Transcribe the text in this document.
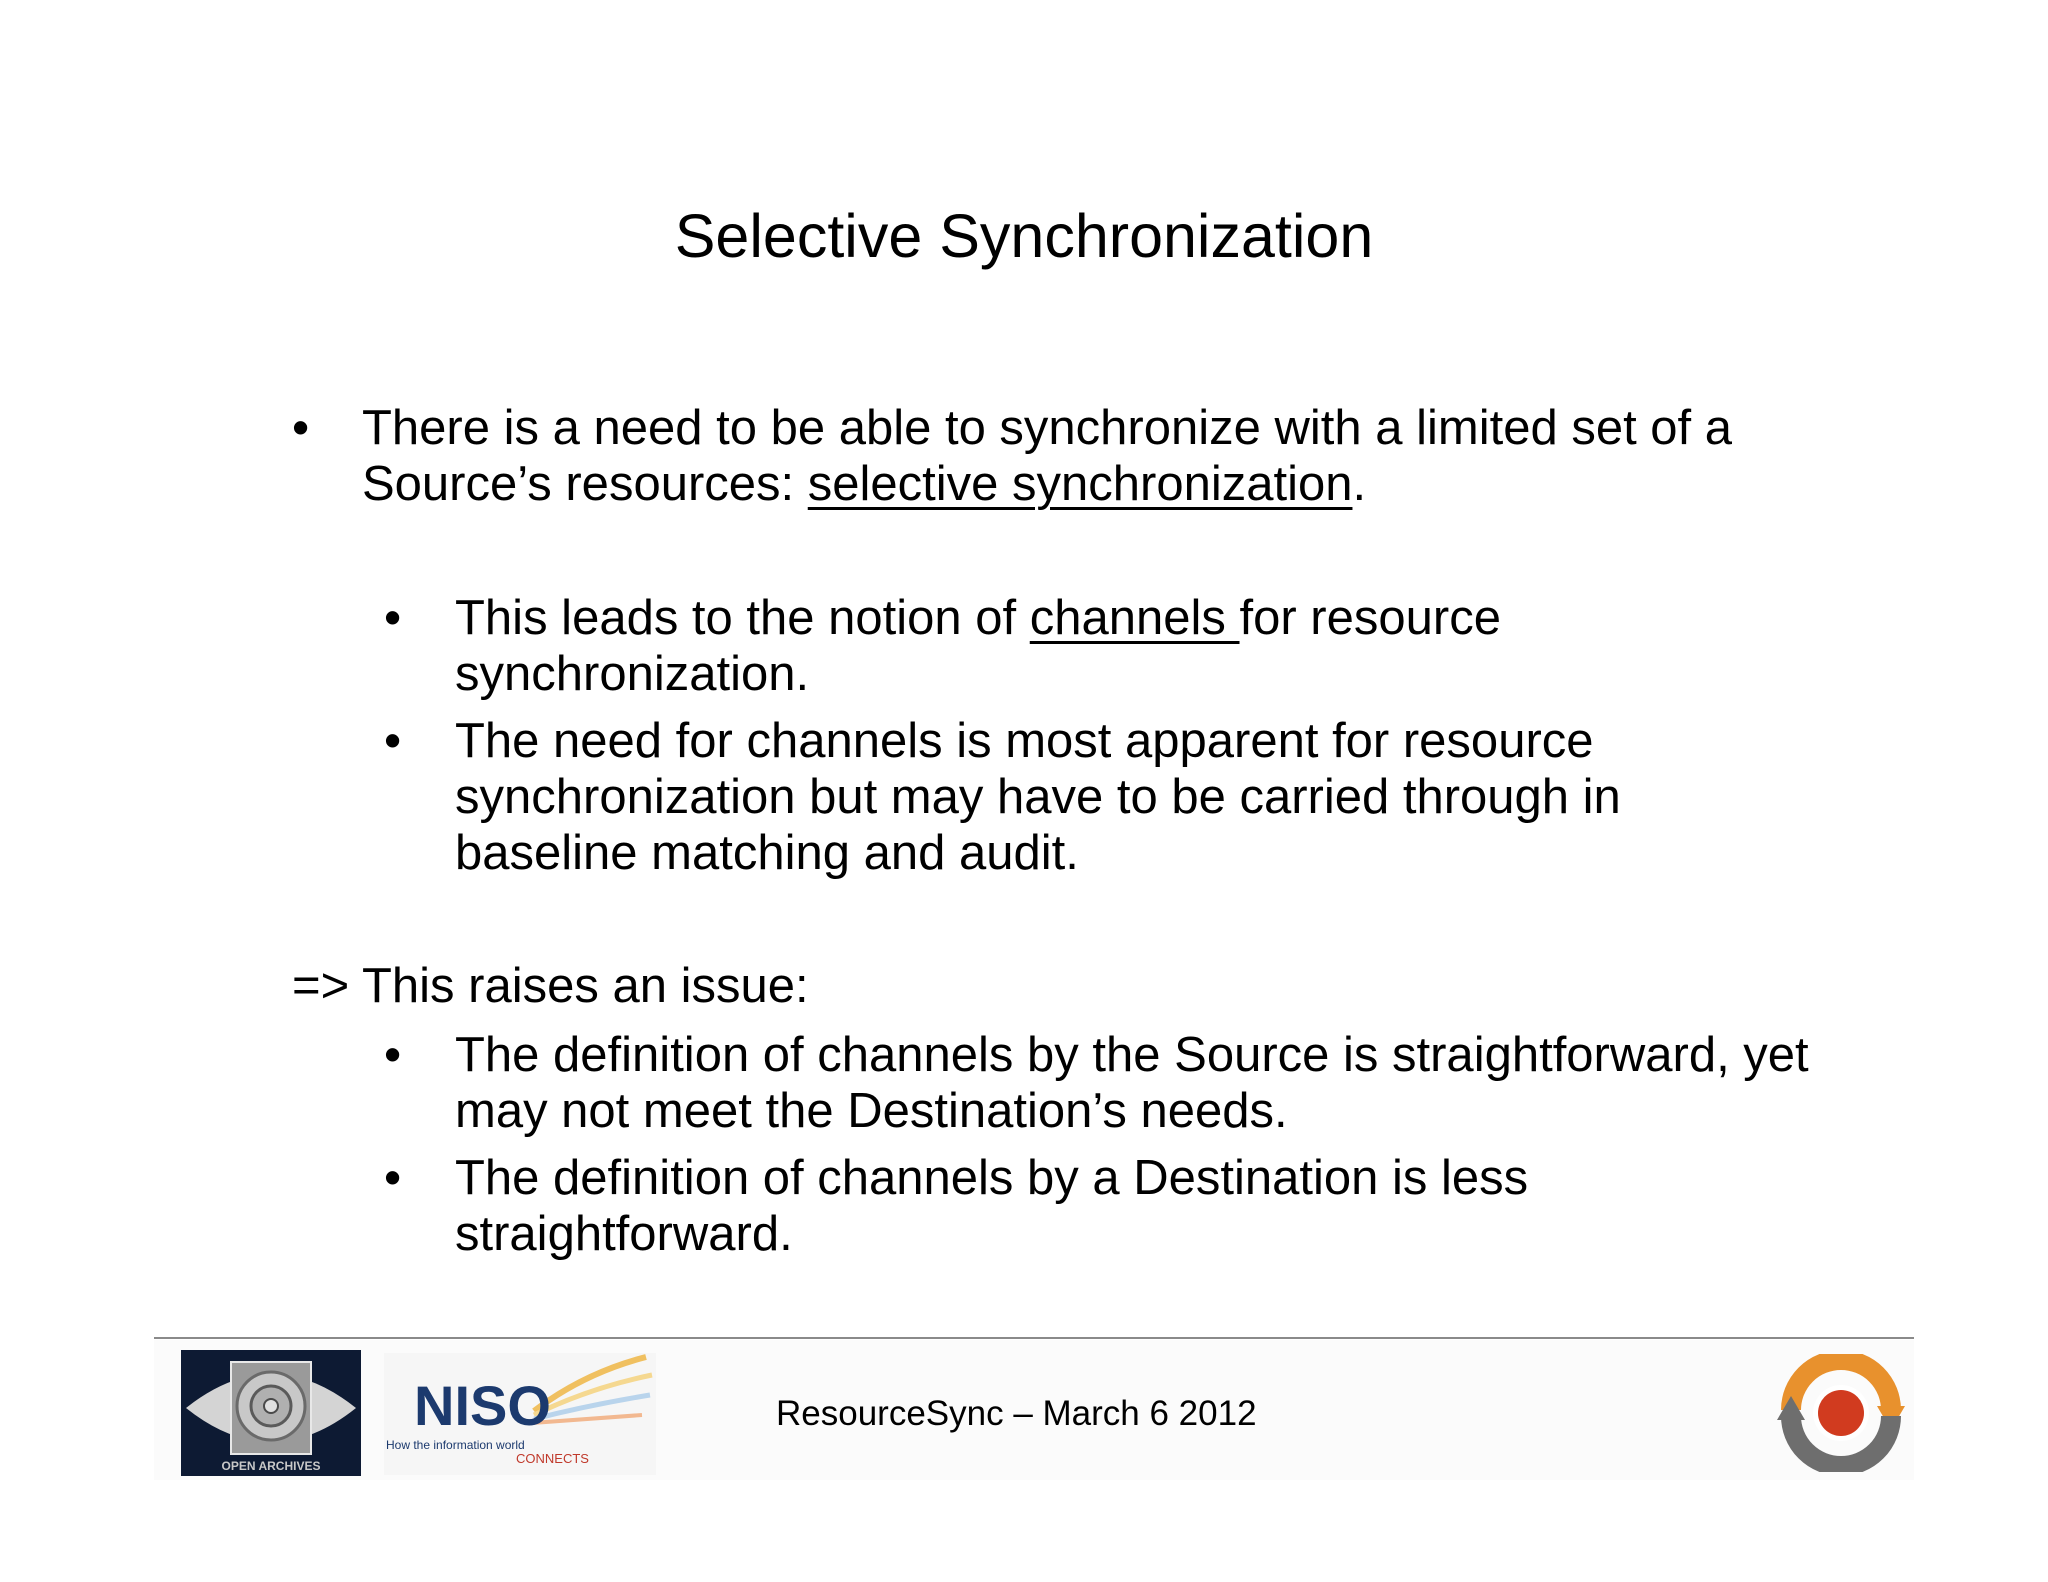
Selective Synchronization
• There is a need to be able to synchronize with a limited set of a Source’s resources: selective synchronization.
• This leads to the notion of channels for resource synchronization.
• The need for channels is most apparent for resource synchronization but may have to be carried through in baseline matching and audit.
=> This raises an issue:
• The definition of channels by the Source is straightforward, yet may not meet the Destination’s needs.
• The definition of channels by a Destination is less straightforward.
OPEN ARCHIVES
NISO
How the information world
CONNECTS
ResourceSync – March 6 2012
